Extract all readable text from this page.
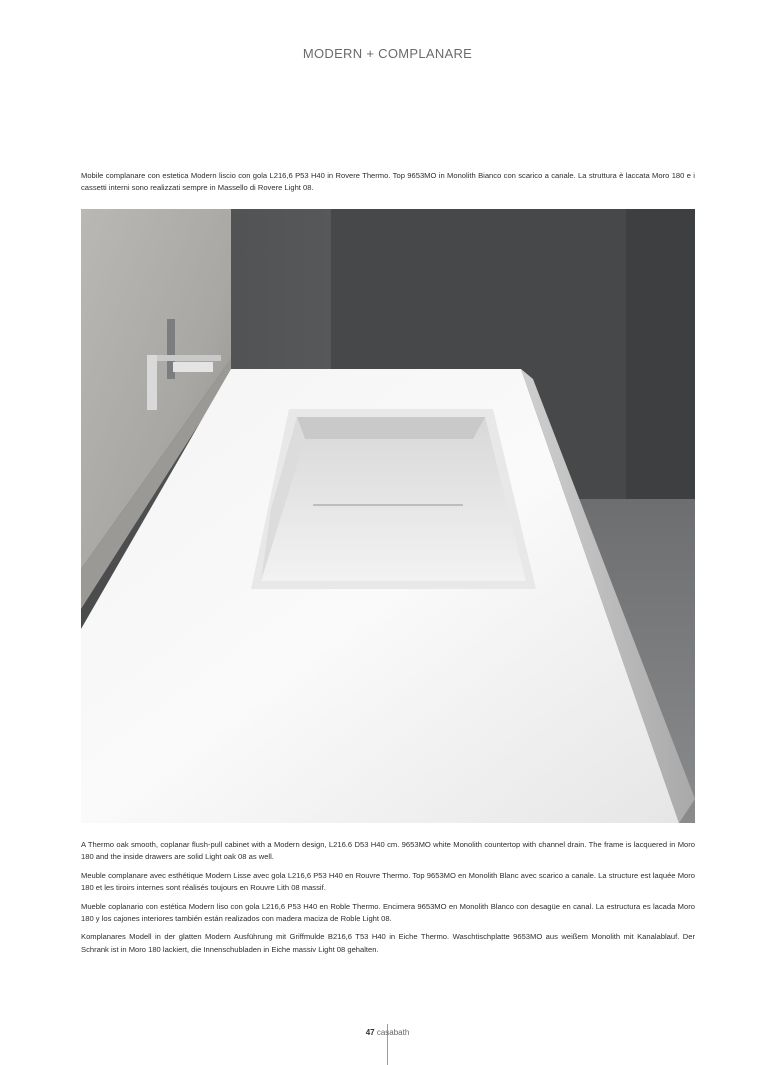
MODERN + COMPLANARE

Mobile complanare con estetica Modern liscio con gola L216,6 P53 H40 in Rovere Thermo. Top 9653MO in Monolith Bianco con scarico a canale. La struttura è laccata Moro 180 e i cassetti interni sono realizzati sempre in Massello di Rovere Light 08.

A Thermo oak smooth, coplanar flush-pull cabinet with a Modern design, L216.6 D53 H40 cm. 9653MO white Monolith countertop with channel drain. The frame is lacquered in Moro 180 and the inside drawers are solid Light oak 08 as well.

Meuble complanare avec esthétique Modern Lisse avec gola L216,6 P53 H40 en Rouvre Thermo. Top 9653MO en Monolith Blanc avec scarico a canale. La structure est laquée Moro 180 et les tiroirs internes sont réalisés toujours en Rouvre Lith 08 massif.

Mueble coplanario con estética Modern liso con gola L216,6 P53 H40 en Roble Thermo. Encimera 9653MO en Monolith Blanco con desagüe en canal. La estructura es lacada Moro 180 y los cajones interiores también están realizados con madera maciza de Roble Light 08.

Komplanares Modell in der glatten Modern Ausführung mit Griffmulde B216,6 T53 H40 in Eiche Thermo. Waschtischplatte 9653MO aus weißem Monolith mit Kanalablauf. Der Schrank ist in Moro 180 lackiert, die Innenschubladen in Eiche massiv Light 08 gehalten.

47 casabath
